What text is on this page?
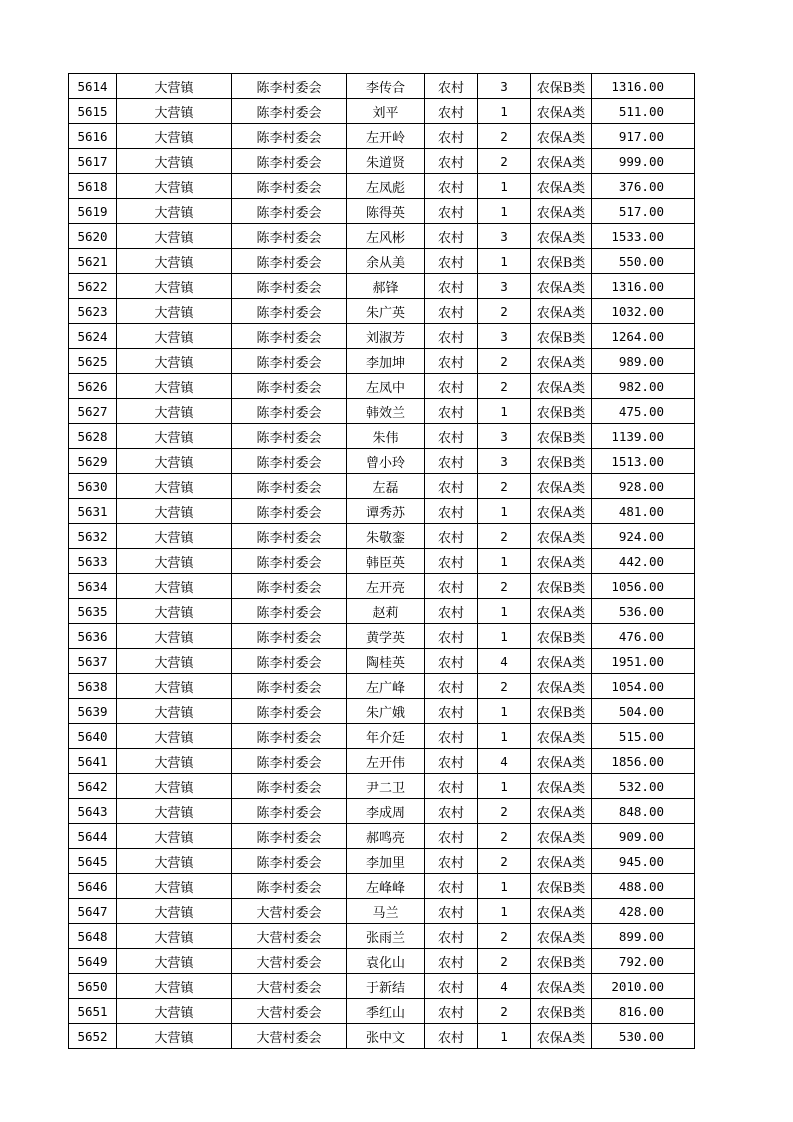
5614	大营镇	陈李村委会	李传合	农村	3	农保B类	1316.00
5615	大营镇	陈李村委会	刘平	农村	1	农保A类	511.00
5616	大营镇	陈李村委会	左开岭	农村	2	农保A类	917.00
5617	大营镇	陈李村委会	朱道贤	农村	2	农保A类	999.00
5618	大营镇	陈李村委会	左凤彪	农村	1	农保A类	376.00
5619	大营镇	陈李村委会	陈得英	农村	1	农保A类	517.00
5620	大营镇	陈李村委会	左风彬	农村	3	农保A类	1533.00
5621	大营镇	陈李村委会	余从美	农村	1	农保B类	550.00
5622	大营镇	陈李村委会	郝锋	农村	3	农保A类	1316.00
5623	大营镇	陈李村委会	朱广英	农村	2	农保A类	1032.00
5624	大营镇	陈李村委会	刘淑芳	农村	3	农保B类	1264.00
5625	大营镇	陈李村委会	李加坤	农村	2	农保A类	989.00
5626	大营镇	陈李村委会	左凤中	农村	2	农保A类	982.00
5627	大营镇	陈李村委会	韩效兰	农村	1	农保B类	475.00
5628	大营镇	陈李村委会	朱伟	农村	3	农保B类	1139.00
5629	大营镇	陈李村委会	曾小玲	农村	3	农保B类	1513.00
5630	大营镇	陈李村委会	左磊	农村	2	农保A类	928.00
5631	大营镇	陈李村委会	谭秀苏	农村	1	农保A类	481.00
5632	大营镇	陈李村委会	朱敬銮	农村	2	农保A类	924.00
5633	大营镇	陈李村委会	韩臣英	农村	1	农保A类	442.00
5634	大营镇	陈李村委会	左开亮	农村	2	农保B类	1056.00
5635	大营镇	陈李村委会	赵莉	农村	1	农保A类	536.00
5636	大营镇	陈李村委会	黄学英	农村	1	农保B类	476.00
5637	大营镇	陈李村委会	陶桂英	农村	4	农保A类	1951.00
5638	大营镇	陈李村委会	左广峰	农村	2	农保A类	1054.00
5639	大营镇	陈李村委会	朱广娥	农村	1	农保B类	504.00
5640	大营镇	陈李村委会	年介廷	农村	1	农保A类	515.00
5641	大营镇	陈李村委会	左开伟	农村	4	农保A类	1856.00
5642	大营镇	陈李村委会	尹二卫	农村	1	农保A类	532.00
5643	大营镇	陈李村委会	李成周	农村	2	农保A类	848.00
5644	大营镇	陈李村委会	郝鸣亮	农村	2	农保A类	909.00
5645	大营镇	陈李村委会	李加里	农村	2	农保A类	945.00
5646	大营镇	陈李村委会	左峰峰	农村	1	农保B类	488.00
5647	大营镇	大营村委会	马兰	农村	1	农保A类	428.00
5648	大营镇	大营村委会	张雨兰	农村	2	农保A类	899.00
5649	大营镇	大营村委会	袁化山	农村	2	农保B类	792.00
5650	大营镇	大营村委会	于新结	农村	4	农保A类	2010.00
5651	大营镇	大营村委会	季红山	农村	2	农保B类	816.00
5652	大营镇	大营村委会	张中文	农村	1	农保A类	530.00
